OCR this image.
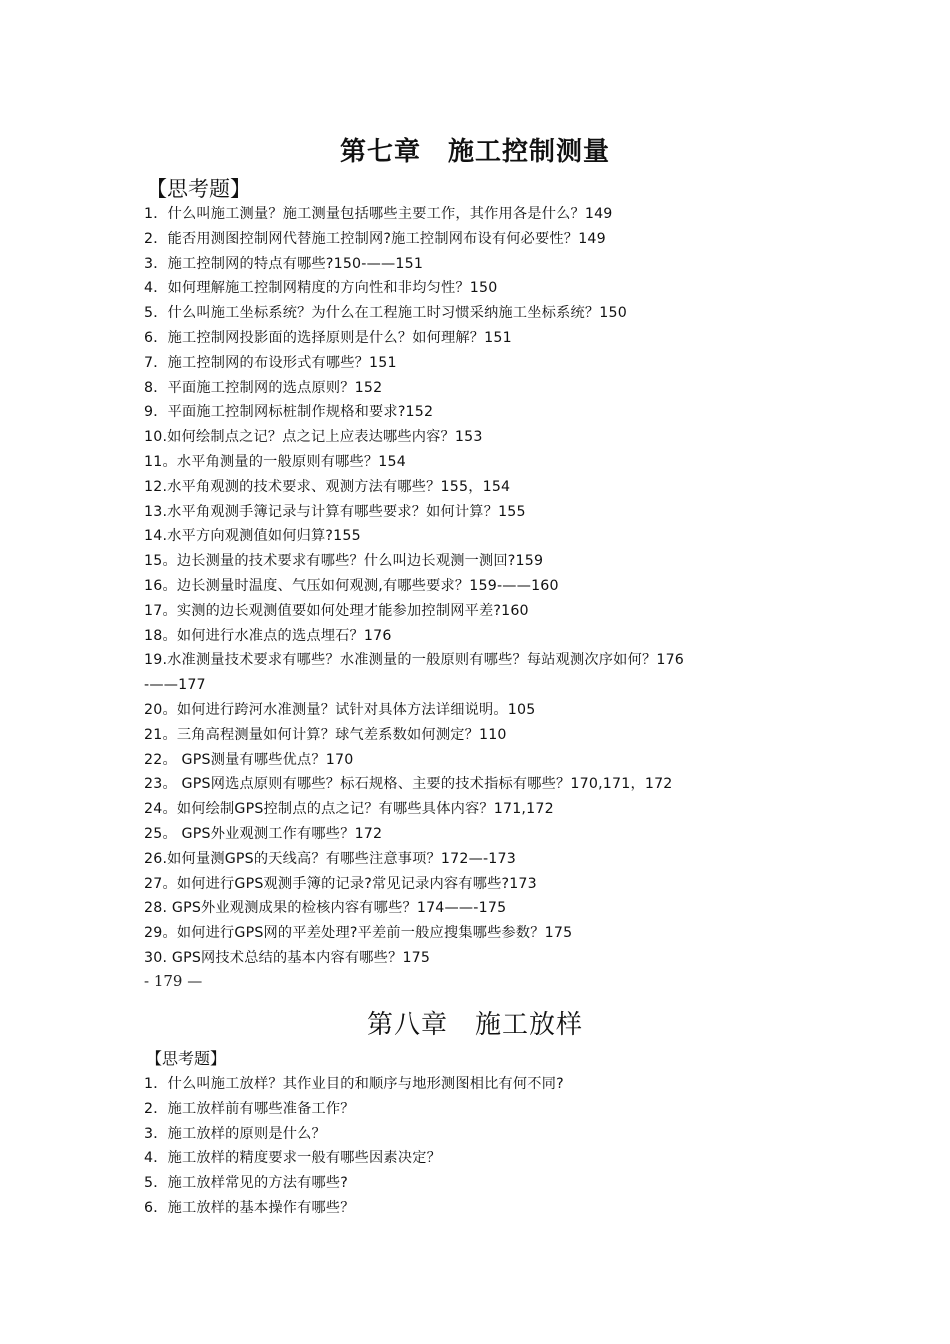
第七章　施工控制测量
【思考题】
1．什么叫施工测量？施工测量包括哪些主要工作，其作用各是什么？149
2．能否用测图控制网代替施工控制网?施工控制网布设有何必要性？149
3．施工控制网的特点有哪些?150-——151
4．如何理解施工控制网精度的方向性和非均匀性？150
5．什么叫施工坐标系统？为什么在工程施工时习惯采纳施工坐标系统？150
6．施工控制网投影面的选择原则是什么？如何理解？151
7．施工控制网的布设形式有哪些？151
8．平面施工控制网的选点原则？152
9．平面施工控制网标桩制作规格和要求?152
10.如何绘制点之记？点之记上应表达哪些内容？153
11。水平角测量的一般原则有哪些？154
12.水平角观测的技术要求、观测方法有哪些？155，154
13.水平角观测手簿记录与计算有哪些要求？如何计算？155
14.水平方向观测值如何归算?155
15。边长测量的技术要求有哪些？什么叫边长观测一测回?159
16。边长测量时温度、气压如何观测,有哪些要求？159-——160
17。实测的边长观测值要如何处理才能参加控制网平差?160
18。如何进行水准点的选点埋石？176
19.水准测量技术要求有哪些？水准测量的一般原则有哪些？每站观测次序如何？176
-——177
20。如何进行跨河水准测量？试针对具体方法详细说明。105
21。三角高程测量如何计算？球气差系数如何测定？110
22。 GPS测量有哪些优点？170
23。 GPS网选点原则有哪些？标石规格、主要的技术指标有哪些？170,171，172
24。如何绘制GPS控制点的点之记？有哪些具体内容？171,172
25。 GPS外业观测工作有哪些？172
26.如何量测GPS的天线高？有哪些注意事项？172—-173
27。如何进行GPS观测手簿的记录?常见记录内容有哪些?173
28. GPS外业观测成果的检核内容有哪些？174——-175
29。如何进行GPS网的平差处理?平差前一般应搜集哪些参数？175
30. GPS网技术总结的基本内容有哪些？175
- 179 —
第八章　施工放样
【思考题】
1．什么叫施工放样？其作业目的和顺序与地形测图相比有何不同?
2．施工放样前有哪些准备工作？
3．施工放样的原则是什么？
4．施工放样的精度要求一般有哪些因素决定？
5．施工放样常见的方法有哪些?
6．施工放样的基本操作有哪些？
